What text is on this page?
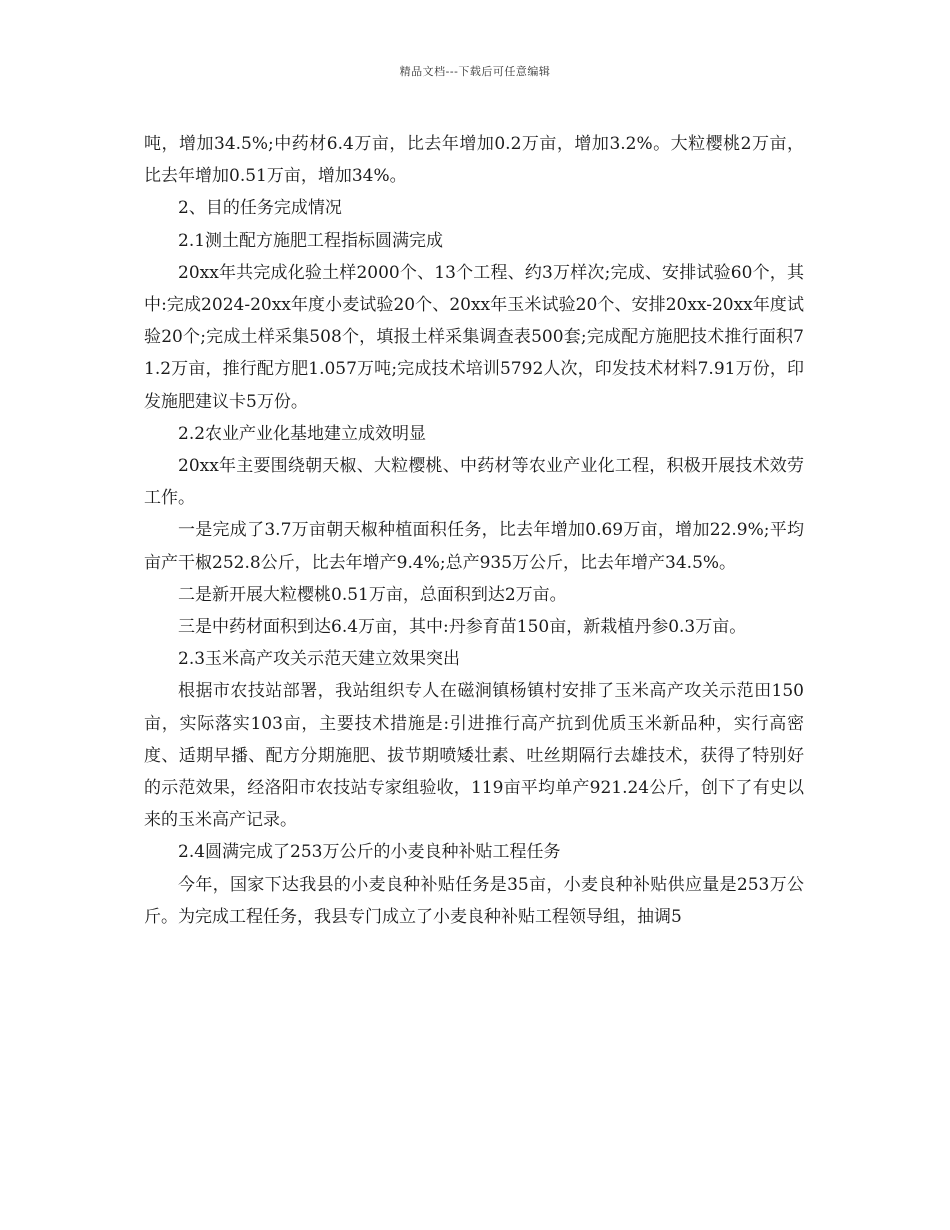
精品文档---下载后可任意编辑

吨，增加34.5%;中药材6.4万亩，比去年增加0.2万亩，增加3.2%。大粒樱桃2万亩，比去年增加0.51万亩，增加34%。

2、目的任务完成情况

2.1测土配方施肥工程指标圆满完成

20xx年共完成化验土样2000个、13个工程、约3万样次;完成、安排试验60个，其中:完成2024-20xx年度小麦试验20个、20xx年玉米试验20个、安排20xx-20xx年度试验20个;完成土样采集508个，填报土样采集调查表500套;完成配方施肥技术推行面积71.2万亩，推行配方肥1.057万吨;完成技术培训5792人次，印发技术材料7.91万份，印发施肥建议卡5万份。

2.2农业产业化基地建立成效明显

20xx年主要围绕朝天椒、大粒樱桃、中药材等农业产业化工程，积极开展技术效劳工作。

一是完成了3.7万亩朝天椒种植面积任务，比去年增加0.69万亩，增加22.9%;平均亩产干椒252.8公斤，比去年增产9.4%;总产935万公斤，比去年增产34.5%。

二是新开展大粒樱桃0.51万亩，总面积到达2万亩。

三是中药材面积到达6.4万亩，其中:丹参育苗150亩，新栽植丹参0.3万亩。

2.3玉米高产攻关示范天建立效果突出

根据市农技站部署，我站组织专人在磁涧镇杨镇村安排了玉米高产攻关示范田150亩，实际落实103亩，主要技术措施是:引进推行高产抗到优质玉米新品种，实行高密度、适期早播、配方分期施肥、拔节期喷矮壮素、吐丝期隔行去雄技术，获得了特别好的示范效果，经洛阳市农技站专家组验收，119亩平均单产921.24公斤，创下了有史以来的玉米高产记录。

2.4圆满完成了253万公斤的小麦良种补贴工程任务

今年，国家下达我县的小麦良种补贴任务是35亩，小麦良种补贴供应量是253万公斤。为完成工程任务，我县专门成立了小麦良种补贴工程领导组，抽调5
